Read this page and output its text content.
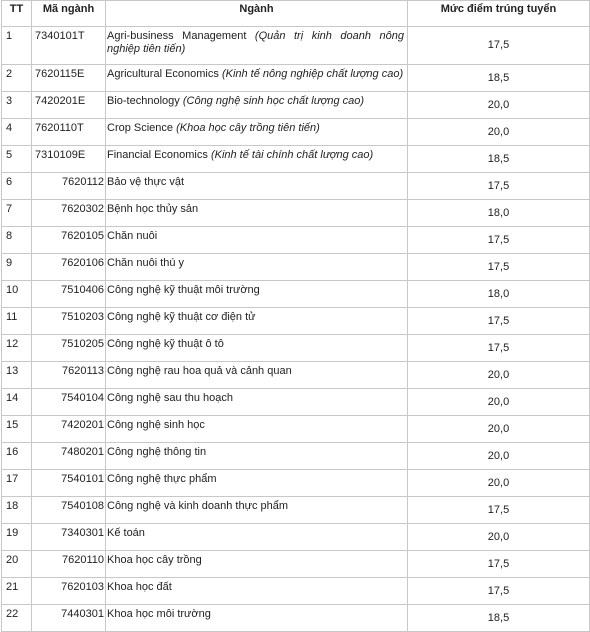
TT	Mã ngành	Ngành	Mức điểm trúng tuyển
1	7340101T	Agri-business Management (Quản trị kinh doanh nông nghiệp tiên tiến)	17,5
2	7620115E	Agricultural Economics (Kinh tế nông nghiệp chất lượng cao)	18,5
3	7420201E	Bio-technology (Công nghệ sinh học chất lượng cao)	20,0
4	7620110T	Crop Science (Khoa học cây trồng tiên tiến)	20,0
5	7310109E	Financial Economics (Kinh tế tài chính chất lượng cao)	18,5
6	7620112	Bảo vệ thực vật	17,5
7	7620302	Bệnh học thủy sản	18,0
8	7620105	Chăn nuôi	17,5
9	7620106	Chăn nuôi thú y	17,5
10	7510406	Công nghệ kỹ thuật môi trường	18,0
11	7510203	Công nghệ kỹ thuật cơ điện tử	17,5
12	7510205	Công nghệ kỹ thuật ô tô	17,5
13	7620113	Công nghệ rau hoa quả và cảnh quan	20,0
14	7540104	Công nghệ sau thu hoạch	20,0
15	7420201	Công nghệ sinh học	20,0
16	7480201	Công nghệ thông tin	20,0
17	7540101	Công nghệ thực phẩm	20,0
18	7540108	Công nghệ và kinh doanh thực phẩm	17,5
19	7340301	Kế toán	20,0
20	7620110	Khoa học cây trồng	17,5
21	7620103	Khoa học đất	17,5
22	7440301	Khoa học môi trường	18,5
